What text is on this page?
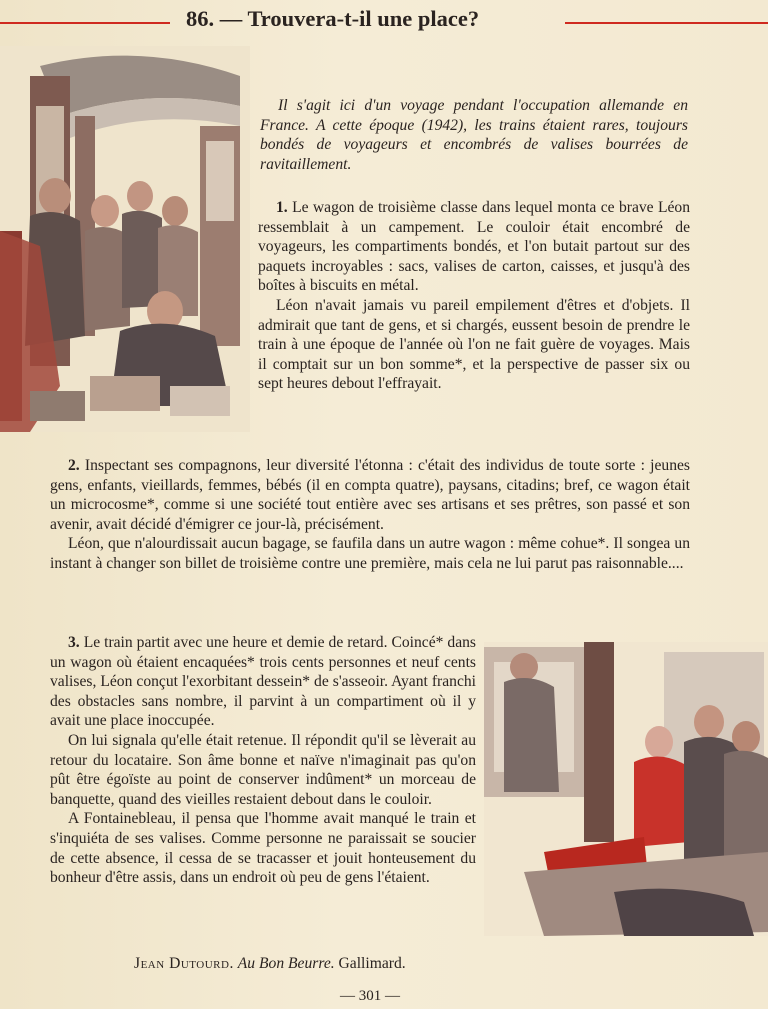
86. — Trouvera-t-il une place?

Il s'agit ici d'un voyage pendant l'occupation allemande en France. A cette époque (1942), les trains étaient rares, toujours bondés de voyageurs et encombrés de valises bourrées de ravitaillement.

1. Le wagon de troisième classe dans lequel monta ce brave Léon ressemblait à un campement. Le couloir était encombré de voyageurs, les compartiments bondés, et l'on butait partout sur des paquets incroyables : sacs, valises de carton, caisses, et jusqu'à des boîtes à biscuits en métal.

Léon n'avait jamais vu pareil empilement d'êtres et d'objets. Il admirait que tant de gens, et si chargés, eussent besoin de prendre le train à une époque de l'année où l'on ne fait guère de voyages. Mais il comptait sur un bon somme*, et la perspective de passer six ou sept heures debout l'effrayait.

2. Inspectant ses compagnons, leur diversité l'étonna : c'était des individus de toute sorte : jeunes gens, enfants, vieillards, femmes, bébés (il en compta quatre), paysans, citadins; bref, ce wagon était un microcosme*, comme si une société tout entière avec ses artisans et ses prêtres, son passé et son avenir, avait décidé d'émigrer ce jour-là, précisément.

Léon, que n'alourdissait aucun bagage, se faufila dans un autre wagon : même cohue*. Il songea un instant à changer son billet de troisième contre une première, mais cela ne lui parut pas raisonnable....

3. Le train partit avec une heure et demie de retard. Coincé* dans un wagon où étaient encaquées* trois cents personnes et neuf cents valises, Léon conçut l'exorbitant dessein* de s'asseoir. Ayant franchi des obstacles sans nombre, il parvint à un compartiment où il y avait une place inoccupée.

On lui signala qu'elle était retenue. Il répondit qu'il se lèverait au retour du locataire. Son âme bonne et naïve n'imaginait pas qu'on pût être égoïste au point de conserver indûment* un morceau de banquette, quand des vieilles restaient debout dans le couloir.

A Fontainebleau, il pensa que l'homme avait manqué le train et s'inquiéta de ses valises. Comme personne ne paraissait se soucier de cette absence, il cessa de se tracasser et jouit honteusement du bonheur d'être assis, dans un endroit où peu de gens l'étaient.

Jean Dutourd. Au Bon Beurre. Gallimard.
— 301 —
